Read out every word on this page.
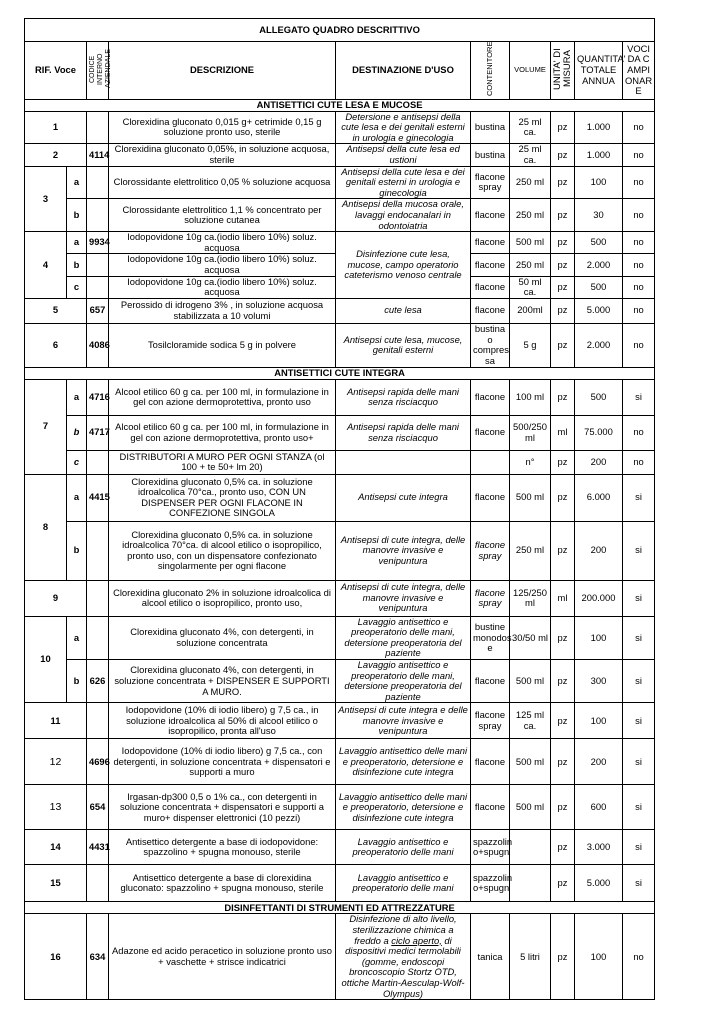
ALLEGATO QUADRO DESCRITTIVO									
RIF. Voce		CODICE INTERNO AZIENDALE	DESCRIZIONE	DESTINAZIONE D'USO	CONTENITORE	VOLUME	UNITA' DI MISURA	QUANTITA' TOTALE ANNUA	VOCI DA CAMPIONARE
ANTISETTICI CUTE LESA E MUCOSE									
1			Clorexidina gluconato 0,015 g+ cetrimide 0,15 g soluzione pronto uso, sterile	Detersione e antisepsi della cute lesa e dei genitali esterni in urologia e ginecologia	bustina	25 ml ca.	pz	1.000	no
2		4114	Clorexidina gluconato 0,05%, in soluzione acquosa, sterile	Antisepsi della cute lesa ed ustioni	bustina	25 ml ca.	pz	1.000	no
3	a		Clorossidante elettrolitico 0,05 % soluzione acquosa	Antisepsi della cute lesa e dei genitali esterni in urologia e ginecologia	flacone spray	250 ml	pz	100	no
	b		Clorossidante elettrolitico 1,1 % concentrato per soluzione cutanea	Antisepsi della mucosa orale, lavaggi endocanalari in odontoiatria	flacone	250 ml	pz	30	no
4	a	9934	Iodopovidone 10g ca.(iodio libero 10%) soluz. acquosa	Disinfezione cute lesa, mucose, campo operatorio cateterismo venoso centrale	flacone	500 ml	pz	500	no
	b		Iodopovidone 10g ca.(iodio libero 10%) soluz. acquosa		flacone	250 ml	pz	2.000	no
	c		Iodopovidone 10g ca.(iodio libero 10%) soluz. acquosa		flacone	50 ml ca.	pz	500	no
5		657	Perossido di idrogeno 3% , in soluzione acquosa stabilizzata a 10 volumi	cute lesa	flacone	200ml	pz	5.000	no
6		4086	Tosilcloramide sodica 5 g in polvere	Antisepsi cute lesa, mucose, genitali esterni	bustina o compres sa	5 g	pz	2.000	no
ANTISETTICI CUTE INTEGRA									
7	a	4716	Alcool etilico 60 g ca. per 100 ml, in formulazione in gel con azione dermoprotettiva, pronto uso	Antisepsi rapida delle mani senza risciacquo	flacone	100 ml	pz	500	si
	b	4717	Alcool etilico 60 g ca. per 100 ml, in formulazione in gel con azione dermoprotettiva, pronto uso+	Antisepsi rapida delle mani senza risciacquo	flacone	500/250 ml	ml	75.000	no
	c		DISTRIBUTORI A MURO PER OGNI STANZA (ol 100 + te 50+ lm 20)			n°	pz	200	no
8	a	4415	Clorexidina gluconato 0,5% ca. in soluzione idroalcolica 70°ca., pronto uso, CON UN DISPENSER PER OGNI FLACONE IN CONFEZIONE SINGOLA	Antisepsi cute integra	flacone	500 ml	pz	6.000	si
	b		Clorexidina gluconato 0,5% ca. in soluzione idroalcolica 70°ca. di alcool etilico o isopropilico, pronto uso, con un dispensatore confezionato singolarmente per ogni flacone	Antisepsi di cute integra, delle manovre invasive e venipuntura	flacone spray	250 ml	pz	200	si
9			Clorexidina gluconato 2% in soluzione idroalcolica di alcool etilico o isopropilico, pronto uso,	Antisepsi di cute integra, delle manovre invasive e venipuntura	flacone spray	125/250 ml	ml	200.000	si
10	a		Clorexidina gluconato 4%, con detergenti, in soluzione concentrata	Lavaggio antisettico e preoperatorio delle mani, detersione preoperatoria del paziente	bustine monodos e	30/50 ml	pz	100	si
	b	626	Clorexidina gluconato 4%, con detergenti, in soluzione concentrata + DISPENSER E SUPPORTI A MURO.	Lavaggio antisettico e preoperatorio delle mani, detersione preoperatoria del paziente	flacone	500 ml	pz	300	si
11			Iodopovidone (10% di iodio libero) g 7,5 ca., in soluzione idroalcolica al 50% di alcool etilico o isopropilico, pronta all'uso	Antisepsi di cute integra e delle manovre invasive e venipuntura	flacone spray	125 ml ca.	pz	100	si
12		4696	Iodopovidone (10% di iodio libero) g 7,5 ca., con detergenti, in soluzione concentrata + dispensatori e supporti a muro	Lavaggio antisettico delle mani e preoperatorio, detersione e disinfezione cute integra	flacone	500 ml	pz	200	si
13		654	Irgasan-dp300 0,5 o 1% ca., con detergenti in soluzione concentrata + dispensatori e supporti a muro+ dispenser elettronici (10 pezzi)	Lavaggio antisettico delle mani e preoperatorio, detersione e disinfezione cute integra	flacone	500 ml	pz	600	si
14		4431	Antisettico detergente a base di iodopovidone: spazzolino + spugna monouso, sterile	Lavaggio antisettico e preoperatorio delle mani	spazzolin o+spugn		pz	3.000	si
15			Antisettico detergente a base di clorexidina gluconato: spazzolino + spugna monouso, sterile	Lavaggio antisettico e preoperatorio delle mani	spazzolin o+spugn		pz	5.000	si
DISINFETTANTI DI STRUMENTI ED ATTREZZATURE									
16		634	Adazone ed acido peracetico in soluzione pronto uso + vaschette + strisce indicatrici	Disinfezione di alto livello, sterilizzazione chimica a freddo a ciclo aperto, di dispositivi medici termolabili (gomme, endoscopi broncoscopio Stortz OTD, ottiche Martin-Aesculap-Wolf-Olympus)	tanica	5 litri	pz	100	no
